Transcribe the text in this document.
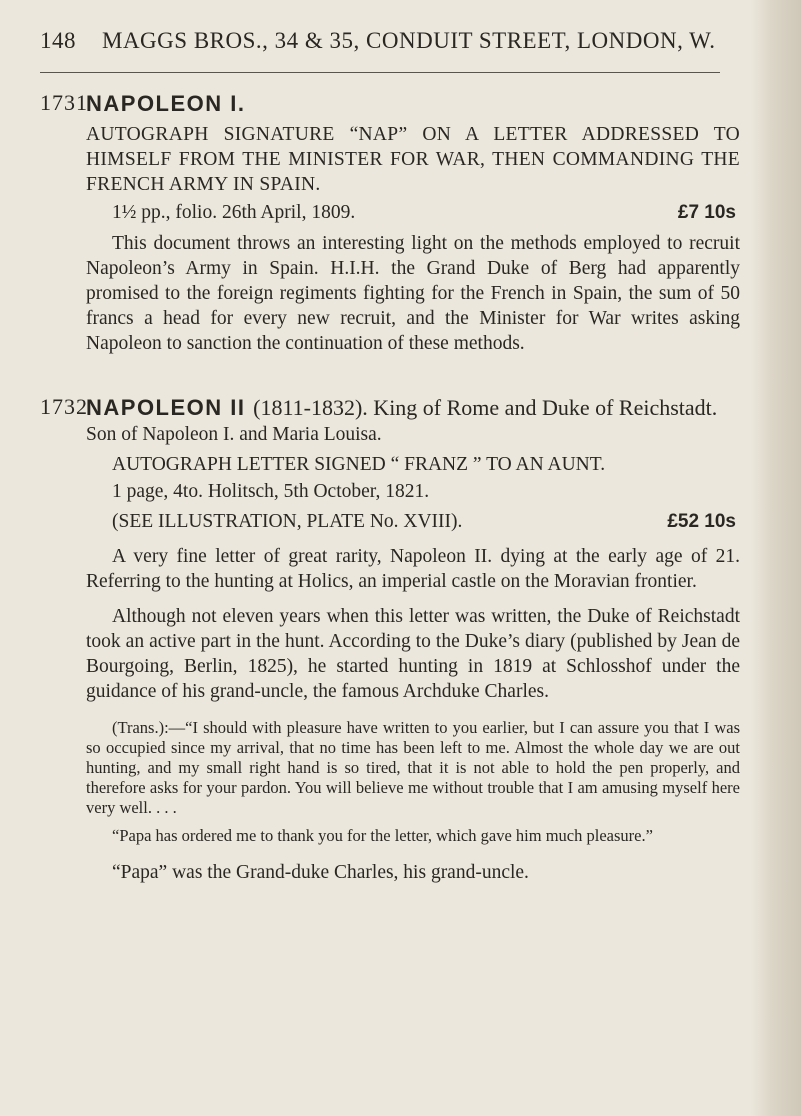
148 MAGGS BROS., 34 & 35, CONDUIT STREET, LONDON, W.
1731
NAPOLEON I.
AUTOGRAPH SIGNATURE “NAP” ON A LETTER ADDRESSED TO HIMSELF FROM THE MINISTER FOR WAR, THEN COMMANDING THE FRENCH ARMY IN SPAIN.
1½ pp., folio. 26th April, 1809.	£7 10s

This document throws an interesting light on the methods employed to recruit Napoleon’s Army in Spain. H.I.H. the Grand Duke of Berg had apparently promised to the foreign regiments fighting for the French in Spain, the sum of 50 francs a head for every new recruit, and the Minister for War writes asking Napoleon to sanction the continuation of these methods.

1732
NAPOLEON II (1811-1832). King of Rome and Duke of Reichstadt.
Son of Napoleon I. and Maria Louisa.
AUTOGRAPH LETTER SIGNED “ FRANZ ” TO AN AUNT.
1 page, 4to. Holitsch, 5th October, 1821.
(SEE ILLUSTRATION, PLATE No. XVIII).	£52 10s

A very fine letter of great rarity, Napoleon II. dying at the early age of 21. Referring to the hunting at Holics, an imperial castle on the Moravian frontier.

Although not eleven years when this letter was written, the Duke of Reichstadt took an active part in the hunt. According to the Duke’s diary (published by Jean de Bourgoing, Berlin, 1825), he started hunting in 1819 at Schlosshof under the guidance of his grand-uncle, the famous Archduke Charles.

(Trans.):—“I should with pleasure have written to you earlier, but I can assure you that I was so occupied since my arrival, that no time has been left to me. Almost the whole day we are out hunting, and my small right hand is so tired, that it is not able to hold the pen properly, and therefore asks for your pardon. You will believe me without trouble that I am amusing myself here very well. . . .

“Papa has ordered me to thank you for the letter, which gave him much pleasure.”

“Papa” was the Grand-duke Charles, his grand-uncle.
